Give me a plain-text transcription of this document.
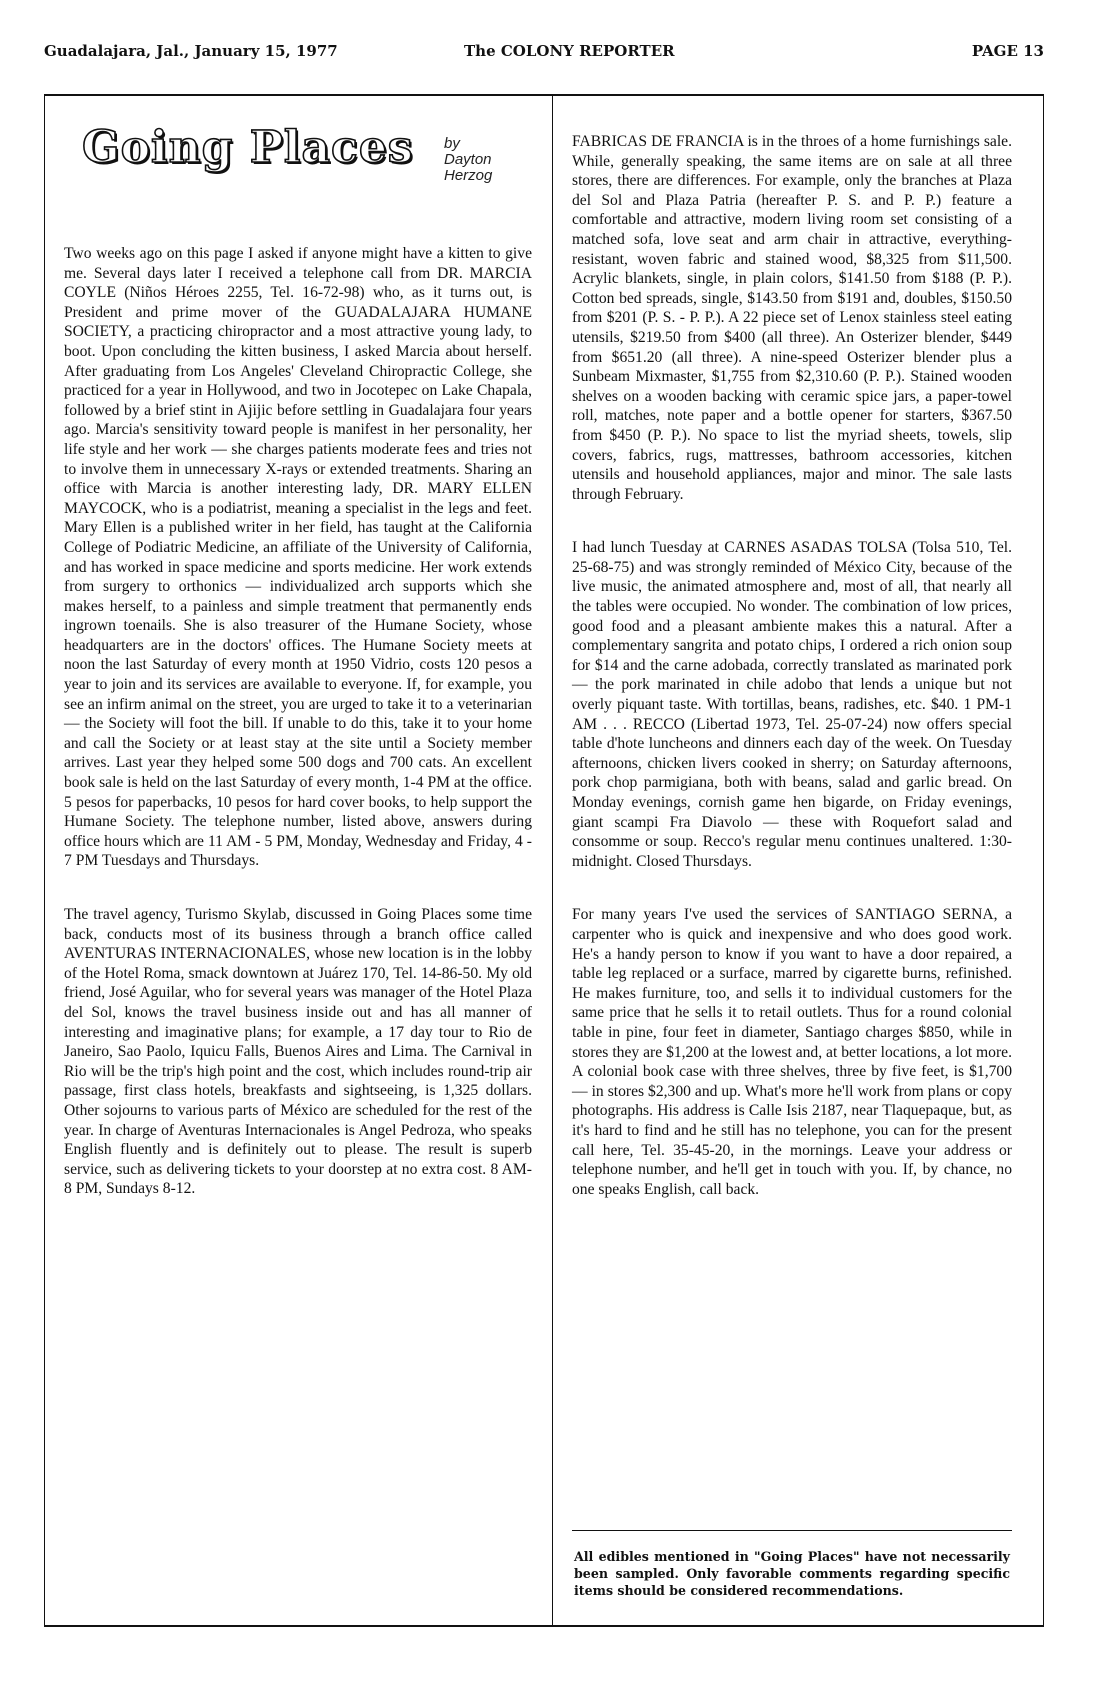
Guadalajara, Jal., January 15, 1977	The COLONY REPORTER	PAGE 13
Going Places by
Dayton
Herzog

Two weeks ago on this page I asked if anyone might have a kitten to give me. Several days later I received a telephone call from DR. MARCIA COYLE (Niños Héroes 2255, Tel. 16-72-98) who, as it turns out, is President and prime mover of the GUADALAJARA HUMANE SOCIETY, a practicing chiropractor and a most attractive young lady, to boot. Upon concluding the kitten business, I asked Marcia about herself. After graduating from Los Angeles' Cleveland Chiropractic College, she practiced for a year in Hollywood, and two in Jocotepec on Lake Chapala, followed by a brief stint in Ajijic before settling in Guadalajara four years ago. Marcia's sensitivity toward people is manifest in her personality, her life style and her work — she charges patients moderate fees and tries not to involve them in unnecessary X-rays or extended treatments. Sharing an office with Marcia is another interesting lady, DR. MARY ELLEN MAYCOCK, who is a podiatrist, meaning a specialist in the legs and feet. Mary Ellen is a published writer in her field, has taught at the California College of Podiatric Medicine, an affiliate of the University of California, and has worked in space medicine and sports medicine. Her work extends from surgery to orthonics — individualized arch supports which she makes herself, to a painless and simple treatment that permanently ends ingrown toenails. She is also treasurer of the Humane Society, whose headquarters are in the doctors' offices. The Humane Society meets at noon the last Saturday of every month at 1950 Vidrio, costs 120 pesos a year to join and its services are available to everyone. If, for example, you see an infirm animal on the street, you are urged to take it to a veterinarian — the Society will foot the bill. If unable to do this, take it to your home and call the Society or at least stay at the site until a Society member arrives. Last year they helped some 500 dogs and 700 cats. An excellent book sale is held on the last Saturday of every month, 1-4 PM at the office. 5 pesos for paperbacks, 10 pesos for hard cover books, to help support the Humane Society. The telephone number, listed above, answers during office hours which are 11 AM - 5 PM, Monday, Wednesday and Friday, 4 - 7 PM Tuesdays and Thursdays.

The travel agency, Turismo Skylab, discussed in Going Places some time back, conducts most of its business through a branch office called AVENTURAS INTERNACIONALES, whose new location is in the lobby of the Hotel Roma, smack downtown at Juárez 170, Tel. 14-86-50. My old friend, José Aguilar, who for several years was manager of the Hotel Plaza del Sol, knows the travel business inside out and has all manner of interesting and imaginative plans; for example, a 17 day tour to Rio de Janeiro, Sao Paolo, Iquicu Falls, Buenos Aires and Lima. The Carnival in Rio will be the trip's high point and the cost, which includes round-trip air passage, first class hotels, breakfasts and sightseeing, is 1,325 dollars. Other sojourns to various parts of México are scheduled for the rest of the year. In charge of Aventuras Internacionales is Angel Pedroza, who speaks English fluently and is definitely out to please. The result is superb service, such as delivering tickets to your doorstep at no extra cost. 8 AM-8 PM, Sundays 8-12.

FABRICAS DE FRANCIA is in the throes of a home furnishings sale. While, generally speaking, the same items are on sale at all three stores, there are differences. For example, only the branches at Plaza del Sol and Plaza Patria (hereafter P. S. and P. P.) feature a comfortable and attractive, modern living room set consisting of a matched sofa, love seat and arm chair in attractive, everything-resistant, woven fabric and stained wood, $8,325 from $11,500. Acrylic blankets, single, in plain colors, $141.50 from $188 (P. P.). Cotton bed spreads, single, $143.50 from $191 and, doubles, $150.50 from $201 (P. S. - P. P.). A 22 piece set of Lenox stainless steel eating utensils, $219.50 from $400 (all three). An Osterizer blender, $449 from $651.20 (all three). A nine-speed Osterizer blender plus a Sunbeam Mixmaster, $1,755 from $2,310.60 (P. P.). Stained wooden shelves on a wooden backing with ceramic spice jars, a paper-towel roll, matches, note paper and a bottle opener for starters, $367.50 from $450 (P. P.). No space to list the myriad sheets, towels, slip covers, fabrics, rugs, mattresses, bathroom accessories, kitchen utensils and household appliances, major and minor. The sale lasts through February.

I had lunch Tuesday at CARNES ASADAS TOLSA (Tolsa 510, Tel. 25-68-75) and was strongly reminded of México City, because of the live music, the animated atmosphere and, most of all, that nearly all the tables were occupied. No wonder. The combination of low prices, good food and a pleasant ambiente makes this a natural. After a complementary sangrita and potato chips, I ordered a rich onion soup for $14 and the carne adobada, correctly translated as marinated pork — the pork marinated in chile adobo that lends a unique but not overly piquant taste. With tortillas, beans, radishes, etc. $40. 1 PM-1 AM . . . RECCO (Libertad 1973, Tel. 25-07-24) now offers special table d'hote luncheons and dinners each day of the week. On Tuesday afternoons, chicken livers cooked in sherry; on Saturday afternoons, pork chop parmigiana, both with beans, salad and garlic bread. On Monday evenings, cornish game hen bigarde, on Friday evenings, giant scampi Fra Diavolo — these with Roquefort salad and consomme or soup. Recco's regular menu continues unaltered. 1:30-midnight. Closed Thursdays.

For many years I've used the services of SANTIAGO SERNA, a carpenter who is quick and inexpensive and who does good work. He's a handy person to know if you want to have a door repaired, a table leg replaced or a surface, marred by cigarette burns, refinished. He makes furniture, too, and sells it to individual customers for the same price that he sells it to retail outlets. Thus for a round colonial table in pine, four feet in diameter, Santiago charges $850, while in stores they are $1,200 at the lowest and, at better locations, a lot more. A colonial book case with three shelves, three by five feet, is $1,700 — in stores $2,300 and up. What's more he'll work from plans or copy photographs. His address is Calle Isis 2187, near Tlaquepaque, but, as it's hard to find and he still has no telephone, you can for the present call here, Tel. 35-45-20, in the mornings. Leave your address or telephone number, and he'll get in touch with you. If, by chance, no one speaks English, call back.

All edibles mentioned in "Going Places" have not necessarily been sampled. Only favorable comments regarding specific items should be considered recommendations.
